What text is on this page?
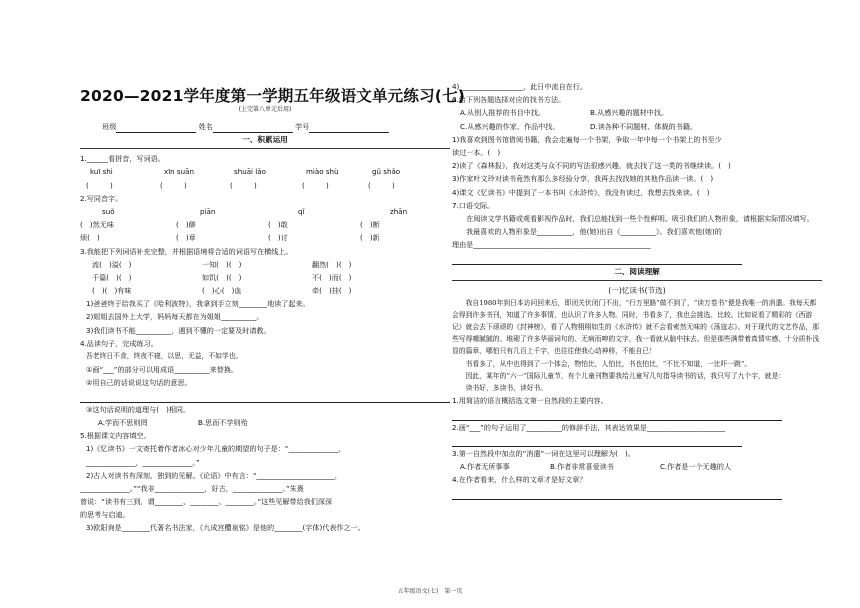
2020—2021学年度第一学期五年级语文单元练习(七)
(上完第八单元后用)
班级	姓名	学号
一、积累运用
1.______看拼音，写词语。
kuī shì	xīn suān	shuāi lǎo	miào shù	gǔ shǎo
(　　　)	(　　　)	(　　　)	(　　　)	(　　　)
2.写同音字。
suǒ	piān	qǐ	zhān
(　)然无味	(　)僻	(　)敢	(　)断
烦(　)	(　)章	(　)讨	(　)新
3.我能把下列词语补充完整，并根据语境将合适的词语写在横线上。
流(　)溢(　)	一知(　)(　)	翻然(　)(　)
千篇(　)(　)	如饥(　)(　)	不(　)而(　)
(　)(　)有味	(　)心(　)血	牵(　)挂(　)
1)爸爸终于给我买了《哈利波特》，我拿到手立刻________地读了起来。
2)姐姐去国外上大学，妈妈每天都在为姐姐__________。
3)我们读书不能__________，遇到不懂的一定要及时请教。
4.品读句子，完成练习。
吾老终日不食，终夜不寝，以思，无益，不如学也。
①画“___”的部分可以用成语__________来替换。
②用自己的话说说这句话的意思。
③这句话说明的道理与(　)相同。
A.学而不思则罔	B.思而不学则殆
5.根据课文内容填空。
1)《忆读书》一文寄托着作者冰心对少年儿童的期望的句子是：“______________，
______________，______________。”
2)古人对读书有深刻、独到的见解。《论语》中有言：“______________________，
______________。”“我非______________，好古，______________。”朱熹
曾说：“读书有三到，谓________、________、________。”这些见解带给我们深深
的思考与启迪。
3)欧阳询是________代著名书法家，《九成宫醴泉铭》是他的________(字体)代表作之一。
4)__________________，此日中流自在行。
6.给下列各题选择对应的找书方法。
A.从别人推荐的书目中找。	B.从感兴趣的题材中找。
C.从感兴趣的作家、作品中找。	D.读各种不同题材、体裁的书籍。
1)我喜欢到图书馆借阅书籍，我会走遍每一个书架，争取一年中每一个书架上的书至少
读过一本。(　)
2)读了《森林报》，我对这类与众不同的写法很感兴趣，就去找了这一类的书继续读。(　)
3)作家叶文玲对读书竟然有那么多经验分享，我再去找找她的其他作品读一读。(　)
4)课文《忆读书》中提到了一本书叫《水浒传》，我没有读过，我想去找来读。(　)
7.口语交际。
在阅读文学书籍或观看影视作品时，我们总能找到一些个性鲜明、吸引我们的人物形象，请根据实际情况填写。
我最喜欢的人物形象是__________，他(她)出自《__________》。我们喜欢他(她)的
理由是__________________________________________________
二、阅读理解
(一)忆读书(节选)
我自1980年到日本访问回来后，即闭关伏闭门不出，“行万里路”做不到了，“读万卷书”便是我唯一的消遣。我每天都会得到许多书刊，知道了许多事情，也认识了许多人物。同时，书看多了，我也会挑选、比较。比如说看了精彩的《西游记》就会去下顽顽的《封神榜》，看了人物栩栩如生的《水浒传》就不会看索然无味的《荡寇志》。对于现代的文艺作品，那些写得噱腻腻的、堆砌了许多华丽词句的、无病而呻的文字，我一看就从脑中抹去。但是那些满带着真情实感、十分质朴浅显的篇章，哪怕只有几百上千字，也往往使我心动神移，不能自已！
书看多了，从中也得到了一个体会，物怕比，人怕比，书也怕比，“不比不知道，一比吓一跳”。
因此，某年的“六一”国际儿童节，有个儿童刊物要我给儿童写几句指导读书的话，我只写了九个字，就是：
读书好，多读书，读好书。
1.用简洁的语言概括选文第一自然段的主要内容。
2.画“___”的句子运用了__________的修辞手法，其表达效果是______________________
3.第一自然段中加点的“消遣”一词在这里可以理解为(　)。
A.作者无所事事	B.作者非常喜爱读书	C.作者是一个无趣的人
4.在作者看来，什么样的文章才是好文章？
五年级语文(七)　第一页
